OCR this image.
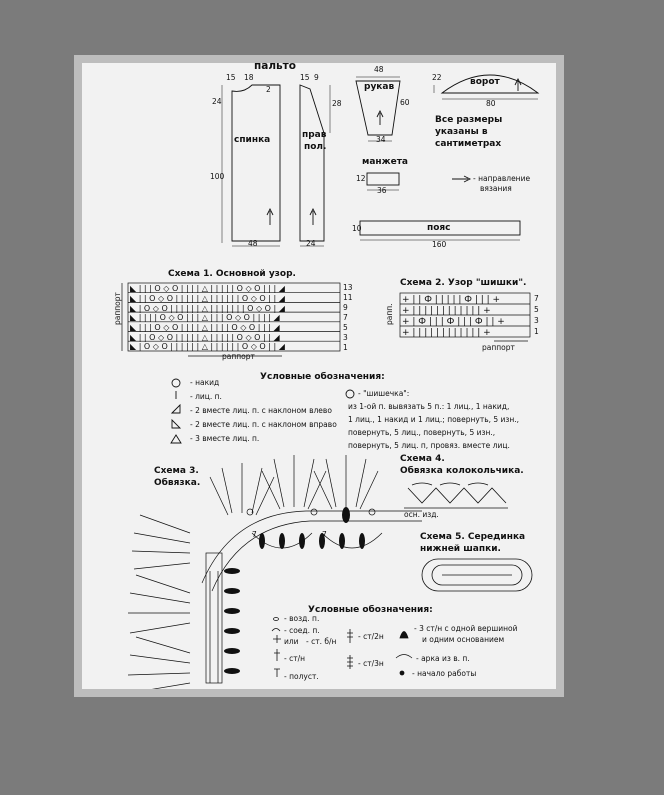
◣ | | | О ◇ О | | | | △ | | | | | О ◇ О | | | ◢
◣ | | О ◇ О | | | | | △ | | | | | | О ◇ О | | ◢
◣ | О ◇ О | | | | | | △ | | | | | | | О ◇ О | ◢
◣ | | | | О ◇ О | | | △ | | | О ◇ О | | | | ◢
◣ | | | О ◇ О | | | | △ | | | | О ◇ О | | | ◢
◣ | | О ◇ О | | | | | △ | | | | | О ◇ О | | ◢
◣ | О ◇ О | | | | | | △ | | | | | | О ◇ О | | ◢
+ | | Ф | | | | | Ф | | | +
+ | | | | | | | | | | | | +
+ | Ф | | | Ф | | | Ф | | +
+ | | | | | | | | | | | | +
пальто
15 18
2
24
100
48
спинка
15 9
28
24
прав
пол.
48
60
34
рукав	ворот
22
80
Все размеры
указаны в
сантиметрах
манжета
12
36
- направление
вязания
пояс
10
160
Схема 1. Основной узор.
раппорт
раппорт
13
11
9
7
5
3
1
Схема 2. Узор "шишки".
рапп.
раппорт
7
5
3
1
Условные обозначения:
- накид
- лиц. п.
- 2 вместе лиц. п. с наклоном влево
- 2 вместе лиц. п. с наклоном вправо
- 3 вместе лиц. п.
- "шишечка":
из 1-ой п. вывязать 5 п.: 1 лиц., 1 накид,
1 лиц., 1 накид и 1 лиц.; повернуть, 5 изн.,
повернуть, 5 лиц., повернуть, 5 изн.,
повернуть, 5 лиц. п, провяз. вместе лиц.
Схема 3.
Обвязка.
7	7
Схема 4.
Обвязка колокольчика.
осн. изд.
Схема 5. Серединка
нижней шапки.
Условные обозначения:
- возд. п.
- соед. п.
или - ст. б/н
- ст/н
- полуст.
- ст/2н
- ст/3н
- 3 ст/н с одной вершиной
и одним основанием
- арка из в. п.
- начало работы
